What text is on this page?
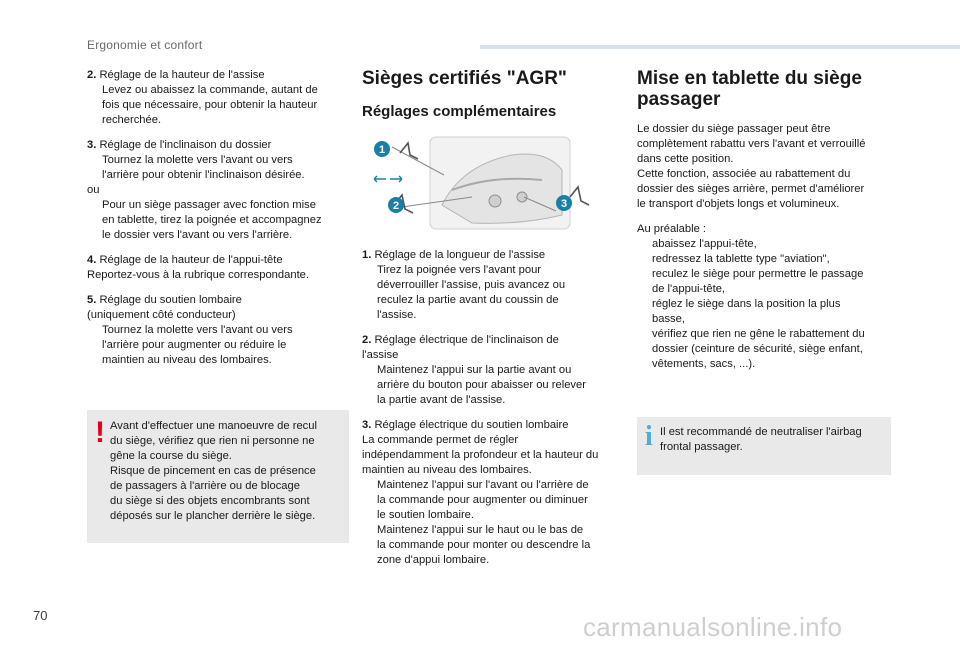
Ergonomie et confort
2. Réglage de la hauteur de l'assise
Levez ou abaissez la commande, autant de
fois que nécessaire, pour obtenir la hauteur
recherchée.
3. Réglage de l'inclinaison du dossier
Tournez la molette vers l'avant ou vers
l'arrière pour obtenir l'inclinaison désirée.
ou
Pour un siège passager avec fonction mise
en tablette, tirez la poignée et accompagnez
le dossier vers l'avant ou vers l'arrière.
4. Réglage de la hauteur de l'appui-tête
Reportez-vous à la rubrique correspondante.
5. Réglage du soutien lombaire
(uniquement côté conducteur)
Tournez la molette vers l'avant ou vers
l'arrière pour augmenter ou réduire le
maintien au niveau des lombaires.
! Avant d'effectuer une manoeuvre de recul
du siège, vérifiez que rien ni personne ne
gêne la course du siège.
Risque de pincement en cas de présence
de passagers à l'arrière ou de blocage
du siège si des objets encombrants sont
déposés sur le plancher derrière le siège.
Sièges certifiés "AGR"
Réglages complémentaires
1
2	3
1. Réglage de la longueur de l'assise
Tirez la poignée vers l'avant pour
déverrouiller l'assise, puis avancez ou
reculez la partie avant du coussin de
l'assise.
2. Réglage électrique de l'inclinaison de
l'assise
Maintenez l'appui sur la partie avant ou
arrière du bouton pour abaisser ou relever
la partie avant de l'assise.
3. Réglage électrique du soutien lombaire
La commande permet de régler
indépendamment la profondeur et la hauteur du
maintien au niveau des lombaires.
Maintenez l'appui sur l'avant ou l'arrière de
la commande pour augmenter ou diminuer
le soutien lombaire.
Maintenez l'appui sur le haut ou le bas de
la commande pour monter ou descendre la
zone d'appui lombaire.
Mise en tablette du siège
passager
Le dossier du siège passager peut être
complètement rabattu vers l'avant et verrouillé
dans cette position.
Cette fonction, associée au rabattement du
dossier des sièges arrière, permet d'améliorer
le transport d'objets longs et volumineux.
Au préalable :
abaissez l'appui-tête,
redressez la tablette type "aviation",
reculez le siège pour permettre le passage
de l'appui-tête,
réglez le siège dans la position la plus
basse,
vérifiez que rien ne gêne le rabattement du
dossier (ceinture de sécurité, siège enfant,
vêtements, sacs, ...).
i Il est recommandé de neutraliser l'airbag
frontal passager.
70	carmanualsonline.info
